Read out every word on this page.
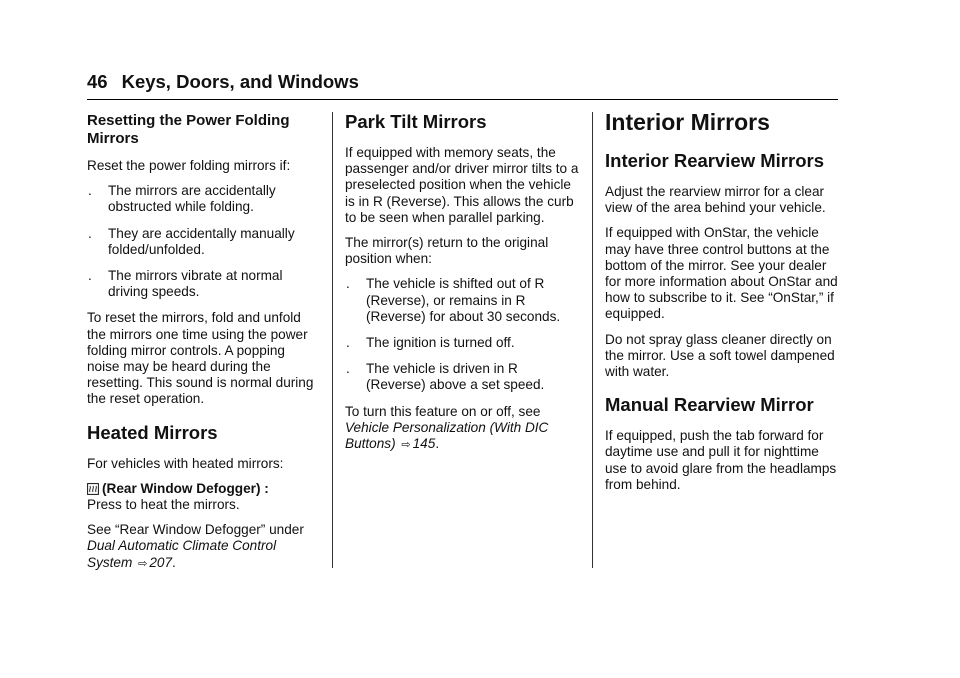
46 Keys, Doors, and Windows
Resetting the Power Folding Mirrors

Reset the power folding mirrors if:

. The mirrors are accidentally obstructed while folding.
. They are accidentally manually folded/unfolded.
. The mirrors vibrate at normal driving speeds.

To reset the mirrors, fold and unfold the mirrors one time using the power folding mirror controls. A popping noise may be heard during the resetting. This sound is normal during the reset operation.

Heated Mirrors

For vehicles with heated mirrors:

(Rear Window Defogger) :
Press to heat the mirrors.

See “Rear Window Defogger” under Dual Automatic Climate Control System ⇨ 207.

Park Tilt Mirrors

If equipped with memory seats, the passenger and/or driver mirror tilts to a preselected position when the vehicle is in R (Reverse). This allows the curb to be seen when parallel parking.

The mirror(s) return to the original position when:

. The vehicle is shifted out of R (Reverse), or remains in R (Reverse) for about 30 seconds.
. The ignition is turned off.
. The vehicle is driven in R (Reverse) above a set speed.

To turn this feature on or off, see Vehicle Personalization (With DIC Buttons) ⇨ 145.

Interior Mirrors
Interior Rearview Mirrors

Adjust the rearview mirror for a clear view of the area behind your vehicle.

If equipped with OnStar, the vehicle may have three control buttons at the bottom of the mirror. See your dealer for more information about OnStar and how to subscribe to it. See “OnStar,” if equipped.

Do not spray glass cleaner directly on the mirror. Use a soft towel dampened with water.

Manual Rearview Mirror

If equipped, push the tab forward for daytime use and pull it for nighttime use to avoid glare from the headlamps from behind.
